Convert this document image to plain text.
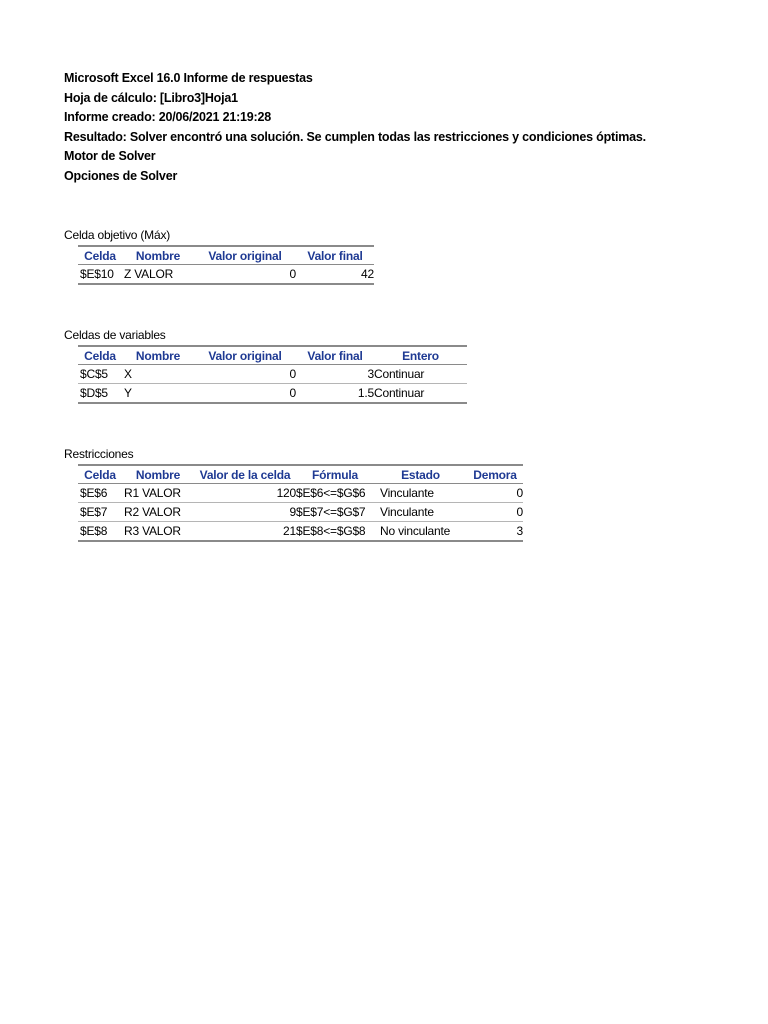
Microsoft Excel 16.0 Informe de respuestas
Hoja de cálculo: [Libro3]Hoja1
Informe creado: 20/06/2021 21:19:28
Resultado: Solver encontró una solución. Se cumplen todas las restricciones y condiciones óptimas.
Motor de Solver
Opciones de Solver
Celda objetivo (Máx)
Celda	Nombre	Valor original	Valor final
$E$10	Z VALOR	0	42
Celdas de variables
Celda	Nombre	Valor original	Valor final	Entero
$C$5	X	0	3	Continuar
$D$5	Y	0	1.5	Continuar
Restricciones
Celda	Nombre	Valor de la celda	Fórmula	Estado	Demora
$E$6	R1 VALOR	120	$E$6<=$G$6	Vinculante	0
$E$7	R2 VALOR	9	$E$7<=$G$7	Vinculante	0
$E$8	R3 VALOR	21	$E$8<=$G$8	No vinculante	3
